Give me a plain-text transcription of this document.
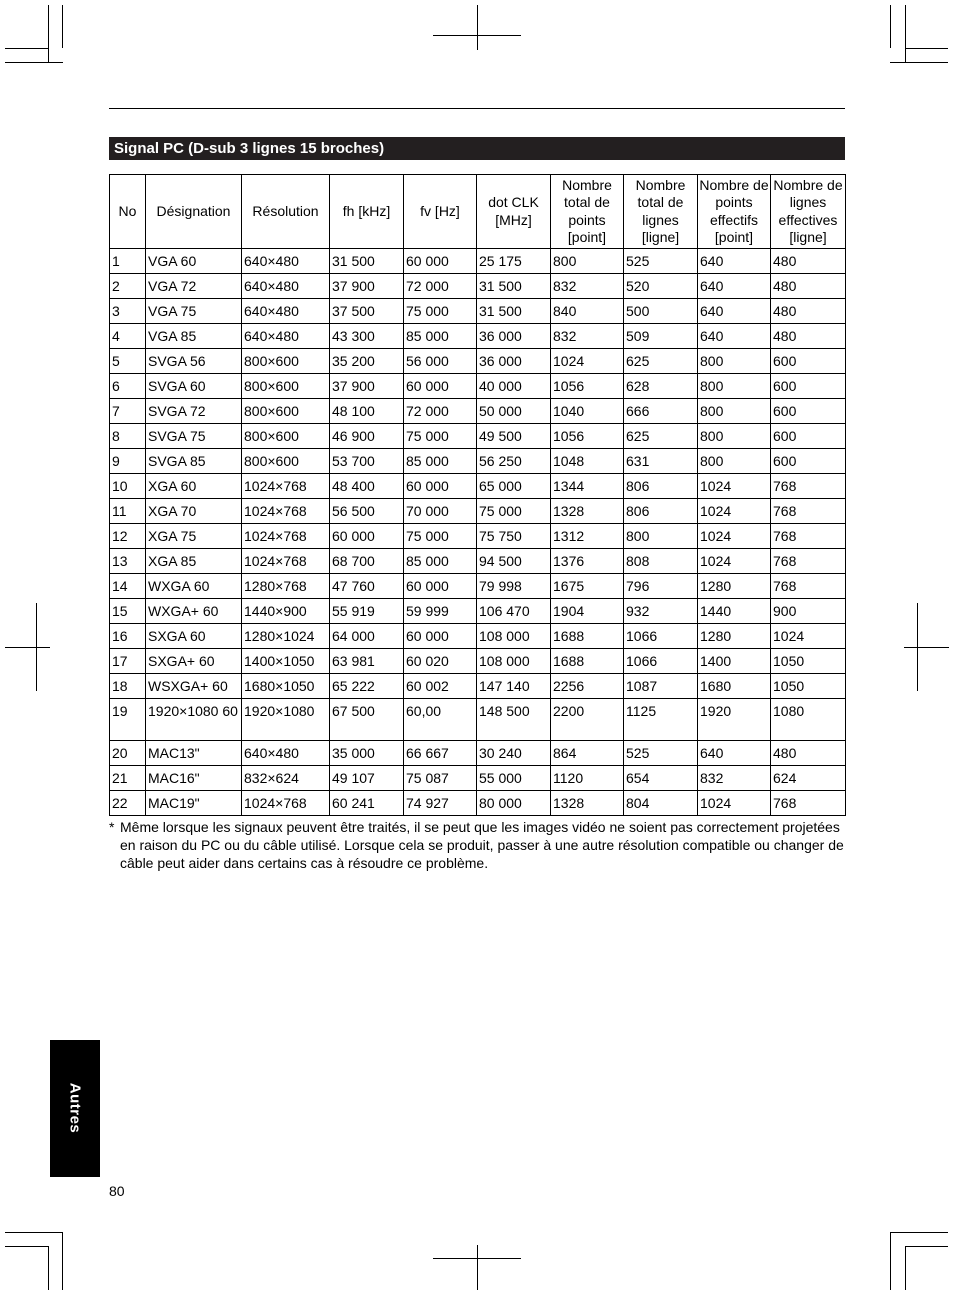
Signal PC (D-sub 3 lignes 15 broches)
No	Désignation	Résolution	fh [kHz]	fv [Hz]	dot CLK [MHz]	Nombre total de points [point]	Nombre total de lignes [ligne]	Nombre de points effectifs [point]	Nombre de lignes effectives [ligne]
1	VGA 60	640×480	31 500	60 000	25 175	800	525	640	480
2	VGA 72	640×480	37 900	72 000	31 500	832	520	640	480
3	VGA 75	640×480	37 500	75 000	31 500	840	500	640	480
4	VGA 85	640×480	43 300	85 000	36 000	832	509	640	480
5	SVGA 56	800×600	35 200	56 000	36 000	1024	625	800	600
6	SVGA 60	800×600	37 900	60 000	40 000	1056	628	800	600
7	SVGA 72	800×600	48 100	72 000	50 000	1040	666	800	600
8	SVGA 75	800×600	46 900	75 000	49 500	1056	625	800	600
9	SVGA 85	800×600	53 700	85 000	56 250	1048	631	800	600
10	XGA 60	1024×768	48 400	60 000	65 000	1344	806	1024	768
11	XGA 70	1024×768	56 500	70 000	75 000	1328	806	1024	768
12	XGA 75	1024×768	60 000	75 000	75 750	1312	800	1024	768
13	XGA 85	1024×768	68 700	85 000	94 500	1376	808	1024	768
14	WXGA 60	1280×768	47 760	60 000	79 998	1675	796	1280	768
15	WXGA+ 60	1440×900	55 919	59 999	106 470	1904	932	1440	900
16	SXGA 60	1280×1024	64 000	60 000	108 000	1688	1066	1280	1024
17	SXGA+ 60	1400×1050	63 981	60 020	108 000	1688	1066	1400	1050
18	WSXGA+ 60	1680×1050	65 222	60 002	147 140	2256	1087	1680	1050
19	1920×1080 60	1920×1080	67 500	60,00	148 500	2200	1125	1920	1080
20	MAC13"	640×480	35 000	66 667	30 240	864	525	640	480
21	MAC16"	832×624	49 107	75 087	55 000	1120	654	832	624
22	MAC19"	1024×768	60 241	74 927	80 000	1328	804	1024	768
* Même lorsque les signaux peuvent être traités, il se peut que les images vidéo ne soient pas correctement projetées en raison du PC ou du câble utilisé. Lorsque cela se produit, passer à une autre résolution compatible ou changer de câble peut aider dans certains cas à résoudre ce problème.
Autres
80
